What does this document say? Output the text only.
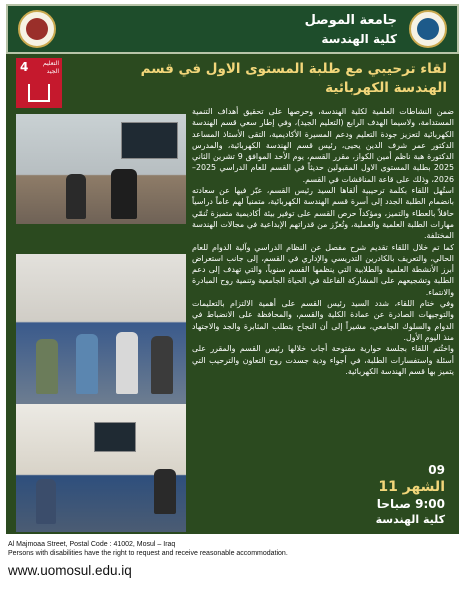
جامعة الموصل
كلية الهندسة
4	التعليم الجيد	لقاء ترحيبي مع طلبة المستوى الاول في قسم الهندسة الكهربائية

ضمن النشاطات العلمية لكلية الهندسة، وحرصها على تحقيق أهداف التنمية المستدامة، ولاسيما الهدف الرابع (التعليم الجيد)، وفي إطار سعي قسم الهندسة الكهربائية لتعزيز جودة التعليم ودعم المسيرة الأكاديمية، التقى الأستاذ المساعد الدكتور عمر شرف الدين يحيى، رئيس قسم الهندسة الكهربائية، والمدرس الدكتورة هبة ناظم أمين الكواز، مقرر القسم، يوم الأحد الموافق 9 تشرين الثاني 2025 بطلبة المستوى الاول المقبولين حديثاً في القسم للعام الدراسي 2025–2026، وذلك على قاعة المناقشات في القسم.

استُهل اللقاء بكلمة ترحيبية ألقاها السيد رئيس القسم، عبّر فيها عن سعادته بانضمام الطلبة الجدد إلى أسرة قسم الهندسة الكهربائية، متمنياً لهم عاماً دراسياً حافلاً بالعطاء والتميز، ومؤكداً حرص القسم على توفير بيئة أكاديمية متميزة تُنمّي مهارات الطلبة العلمية والعملية، وتُعزّز من قدراتهم الإبداعية في مجالات الهندسة المختلفة.

كما تم خلال اللقاء تقديم شرح مفصل عن النظام الدراسي وآلية الدوام للعام الحالي، والتعريف بالكادرين التدريسي والإداري في القسم، إلى جانب استعراض أبرز الأنشطة العلمية والطلابية التي ينظمها القسم سنوياً، والتي تهدف إلى دعم الطلبة وتشجيعهم على المشاركة الفاعلة في الحياة الجامعية وتنمية روح المبادرة والانتماء.

وفي ختام اللقاء، شدد السيد رئيس القسم على أهمية الالتزام بالتعليمات والتوجيهات الصادرة عن عمادة الكلية والقسم، والمحافظة على الانضباط في الدوام والسلوك الجامعي، مشيراً إلى أن النجاح يتطلب المثابرة والجد والاجتهاد منذ اليوم الأول.

واختُتم اللقاء بجلسة حوارية مفتوحة أجاب خلالها رئيس القسم والمقرر على أسئلة واستفسارات الطلبة، في أجواء ودية جسدت روح التعاون والترحيب التي يتميز بها قسم الهندسة الكهربائية.

09
الشهر 11
9:00 صباحا
كلية الهندسة
Al Majmoaa Street, Postal Code : 41002, Mosul – Iraq
Persons with disabilities have the right to request and receive reasonable accommodation.
www.uomosul.edu.iq
